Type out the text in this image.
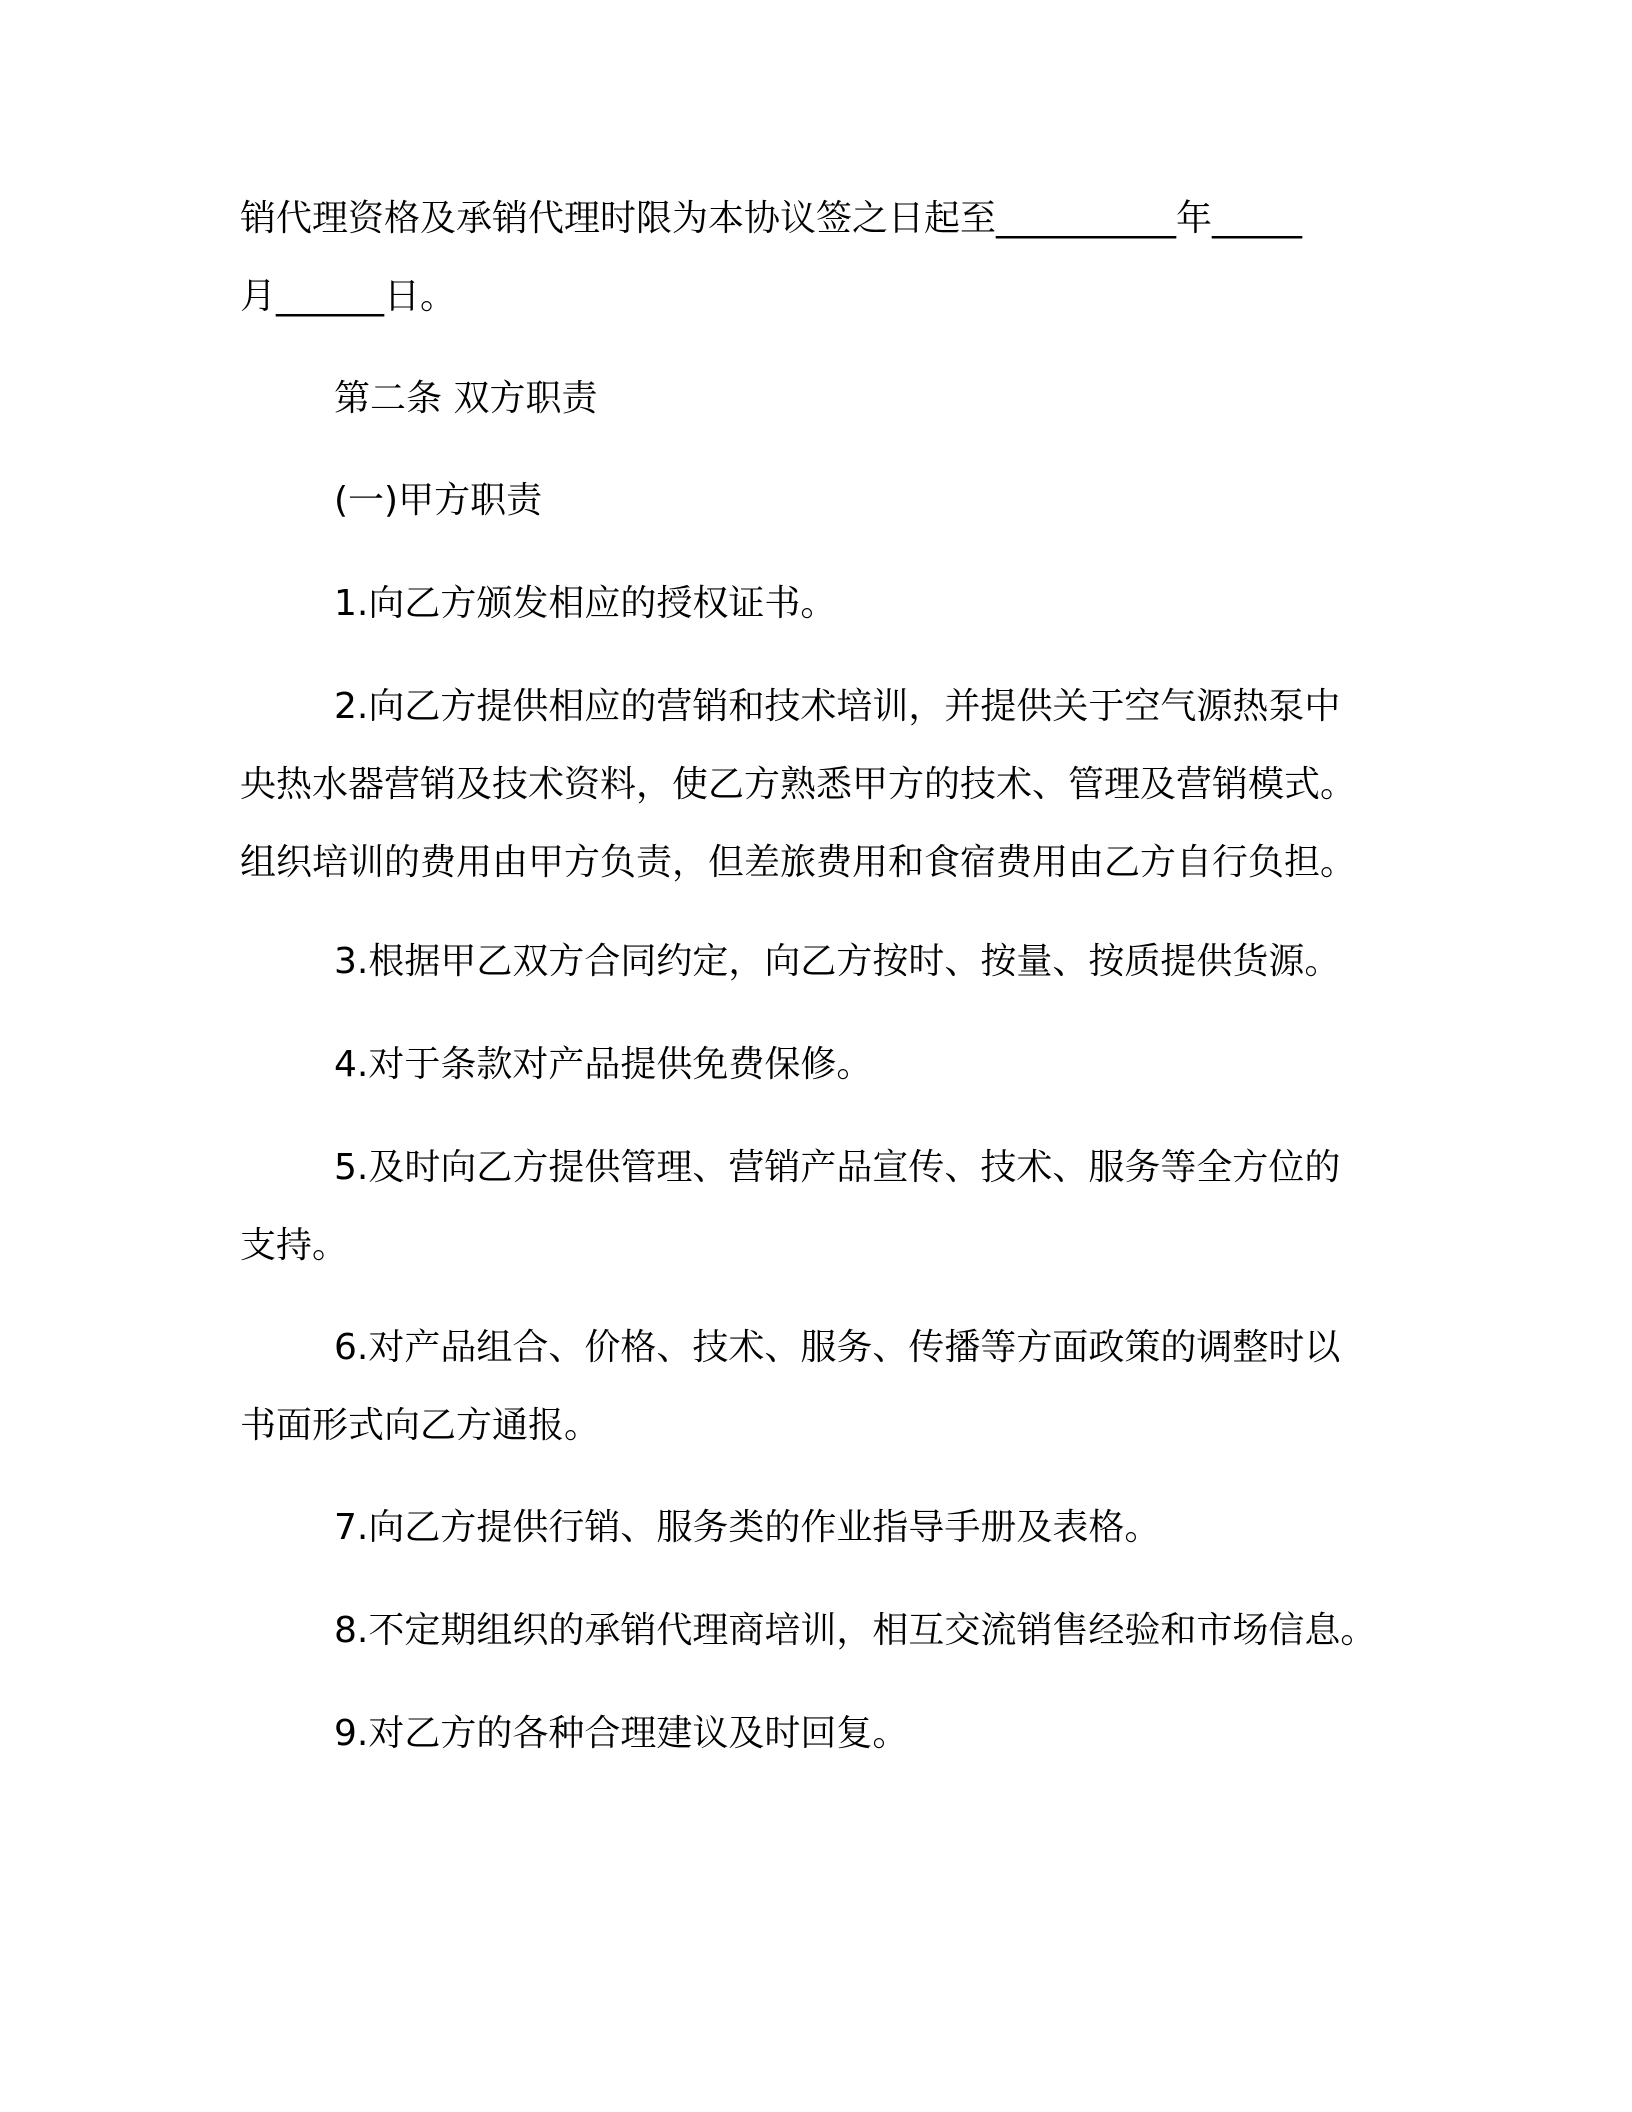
销代理资格及承销代理时限为本协议签之日起至__________年_____

月______日。

第二条 双方职责

(一)甲方职责

1.向乙方颁发相应的授权证书。

2.向乙方提供相应的营销和技术培训，并提供关于空气源热泵中

央热水器营销及技术资料，使乙方熟悉甲方的技术、管理及营销模式。

组织培训的费用由甲方负责，但差旅费用和食宿费用由乙方自行负担。

3.根据甲乙双方合同约定，向乙方按时、按量、按质提供货源。

4.对于条款对产品提供免费保修。

5.及时向乙方提供管理、营销产品宣传、技术、服务等全方位的

支持。

6.对产品组合、价格、技术、服务、传播等方面政策的调整时以

书面形式向乙方通报。

7.向乙方提供行销、服务类的作业指导手册及表格。

8.不定期组织的承销代理商培训，相互交流销售经验和市场信息。

9.对乙方的各种合理建议及时回复。
